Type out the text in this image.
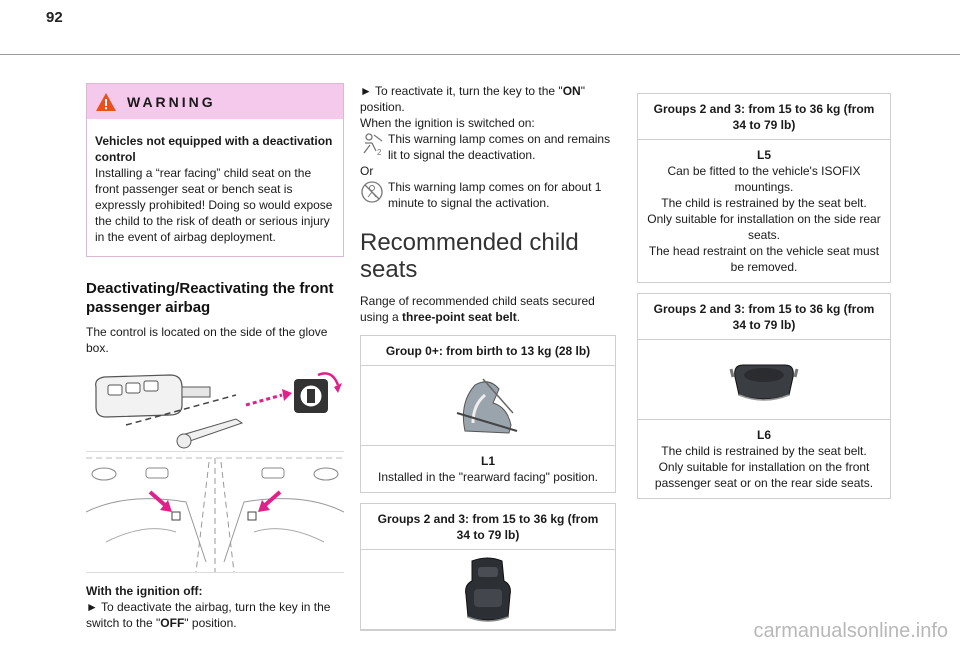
92
WARNING
Vehicles not equipped with a deactivation control
Installing a “rear facing” child seat on the front passenger seat or bench seat is expressly prohibited! Doing so would expose the child to the risk of death or serious injury in the event of airbag deployment.
Deactivating/Reactivating the front passenger airbag

The control is located on the side of the glove box.

With the ignition off:

► To deactivate the airbag, turn the key in the switch to the "OFF" position.

► To reactivate it, turn the key to the "ON" position.

When the ignition is switched on:

2
This warning lamp comes on and remains lit to signal the deactivation.

Or

This warning lamp comes on for about 1 minute to signal the activation.
Recommended child seats

Range of recommended child seats secured using a three-point seat belt.

Group 0+: from birth to 13 kg (28 lb)
L1
Installed in the "rearward facing" position.
Groups 2 and 3: from 15 to 36 kg (from 34 to 79 lb)
Groups 2 and 3: from 15 to 36 kg (from 34 to 79 lb)
L5
Can be fitted to the vehicle's ISOFIX mountings.
The child is restrained by the seat belt.
Only suitable for installation on the side rear seats.
The head restraint on the vehicle seat must be removed.
Groups 2 and 3: from 15 to 36 kg (from 34 to 79 lb)
L6
The child is restrained by the seat belt.
Only suitable for installation on the front passenger seat or on the rear side seats.
carmanualsonline.info
